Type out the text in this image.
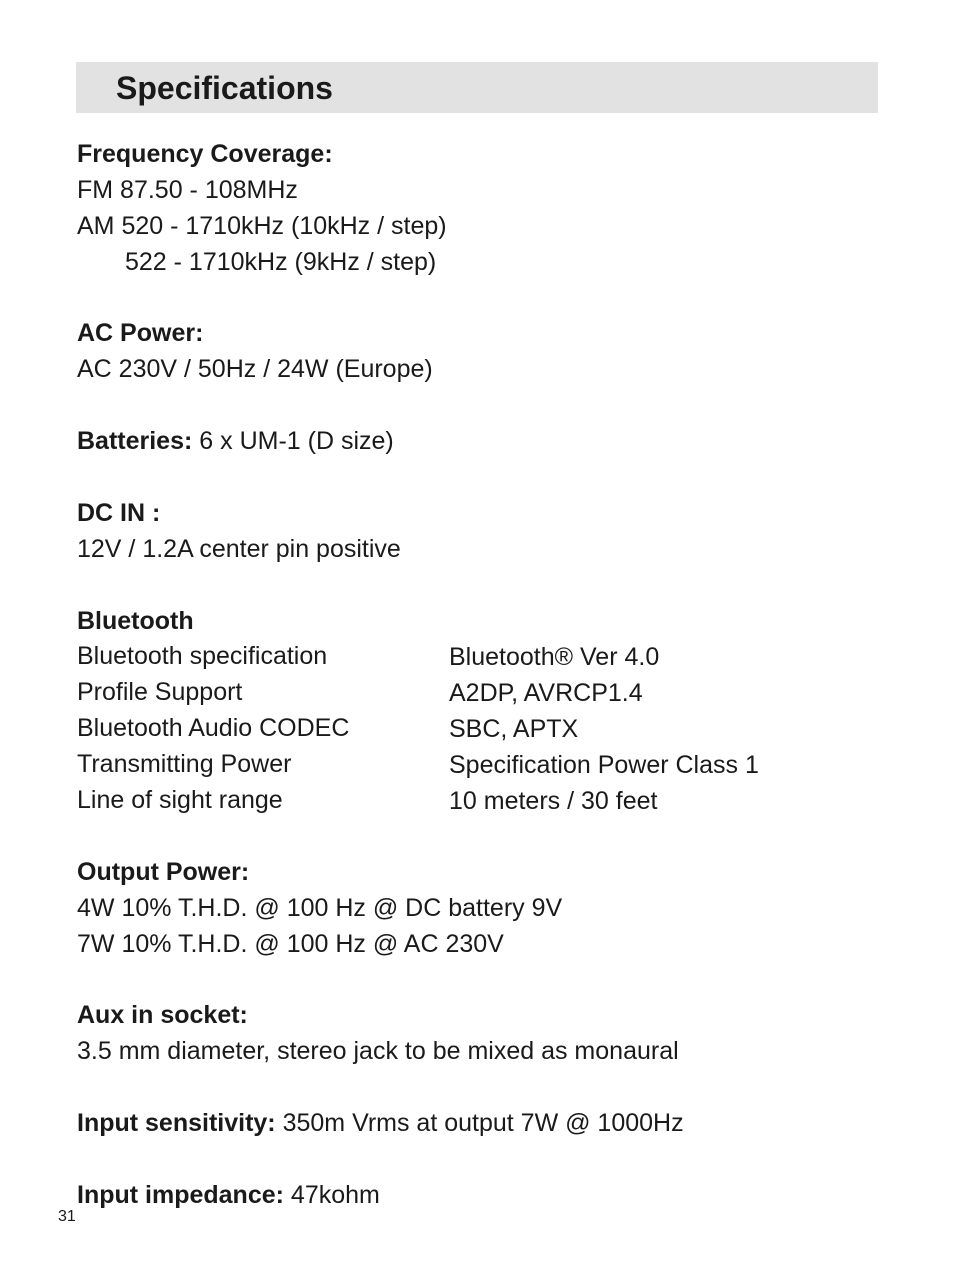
Specifications
Frequency Coverage:
FM 87.50 - 108MHz
AM 520 - 1710kHz (10kHz / step)
522 - 1710kHz (9kHz / step)
AC Power:
AC 230V / 50Hz / 24W (Europe)
Batteries: 6 x UM-1 (D size)
DC IN :
12V / 1.2A center pin positive
Bluetooth
Bluetooth specification	Bluetooth® Ver 4.0
Profile Support	A2DP, AVRCP1.4
Bluetooth Audio CODEC	SBC, APTX
Transmitting Power	Specification Power Class 1
Line of sight range	10 meters / 30 feet
Output Power:
4W 10% T.H.D. @ 100 Hz @ DC battery 9V
7W 10% T.H.D. @ 100 Hz @ AC 230V
Aux in socket:
3.5 mm diameter, stereo jack to be mixed as monaural
Input sensitivity: 350m Vrms at output 7W @ 1000Hz
Input impedance: 47kohm
31
